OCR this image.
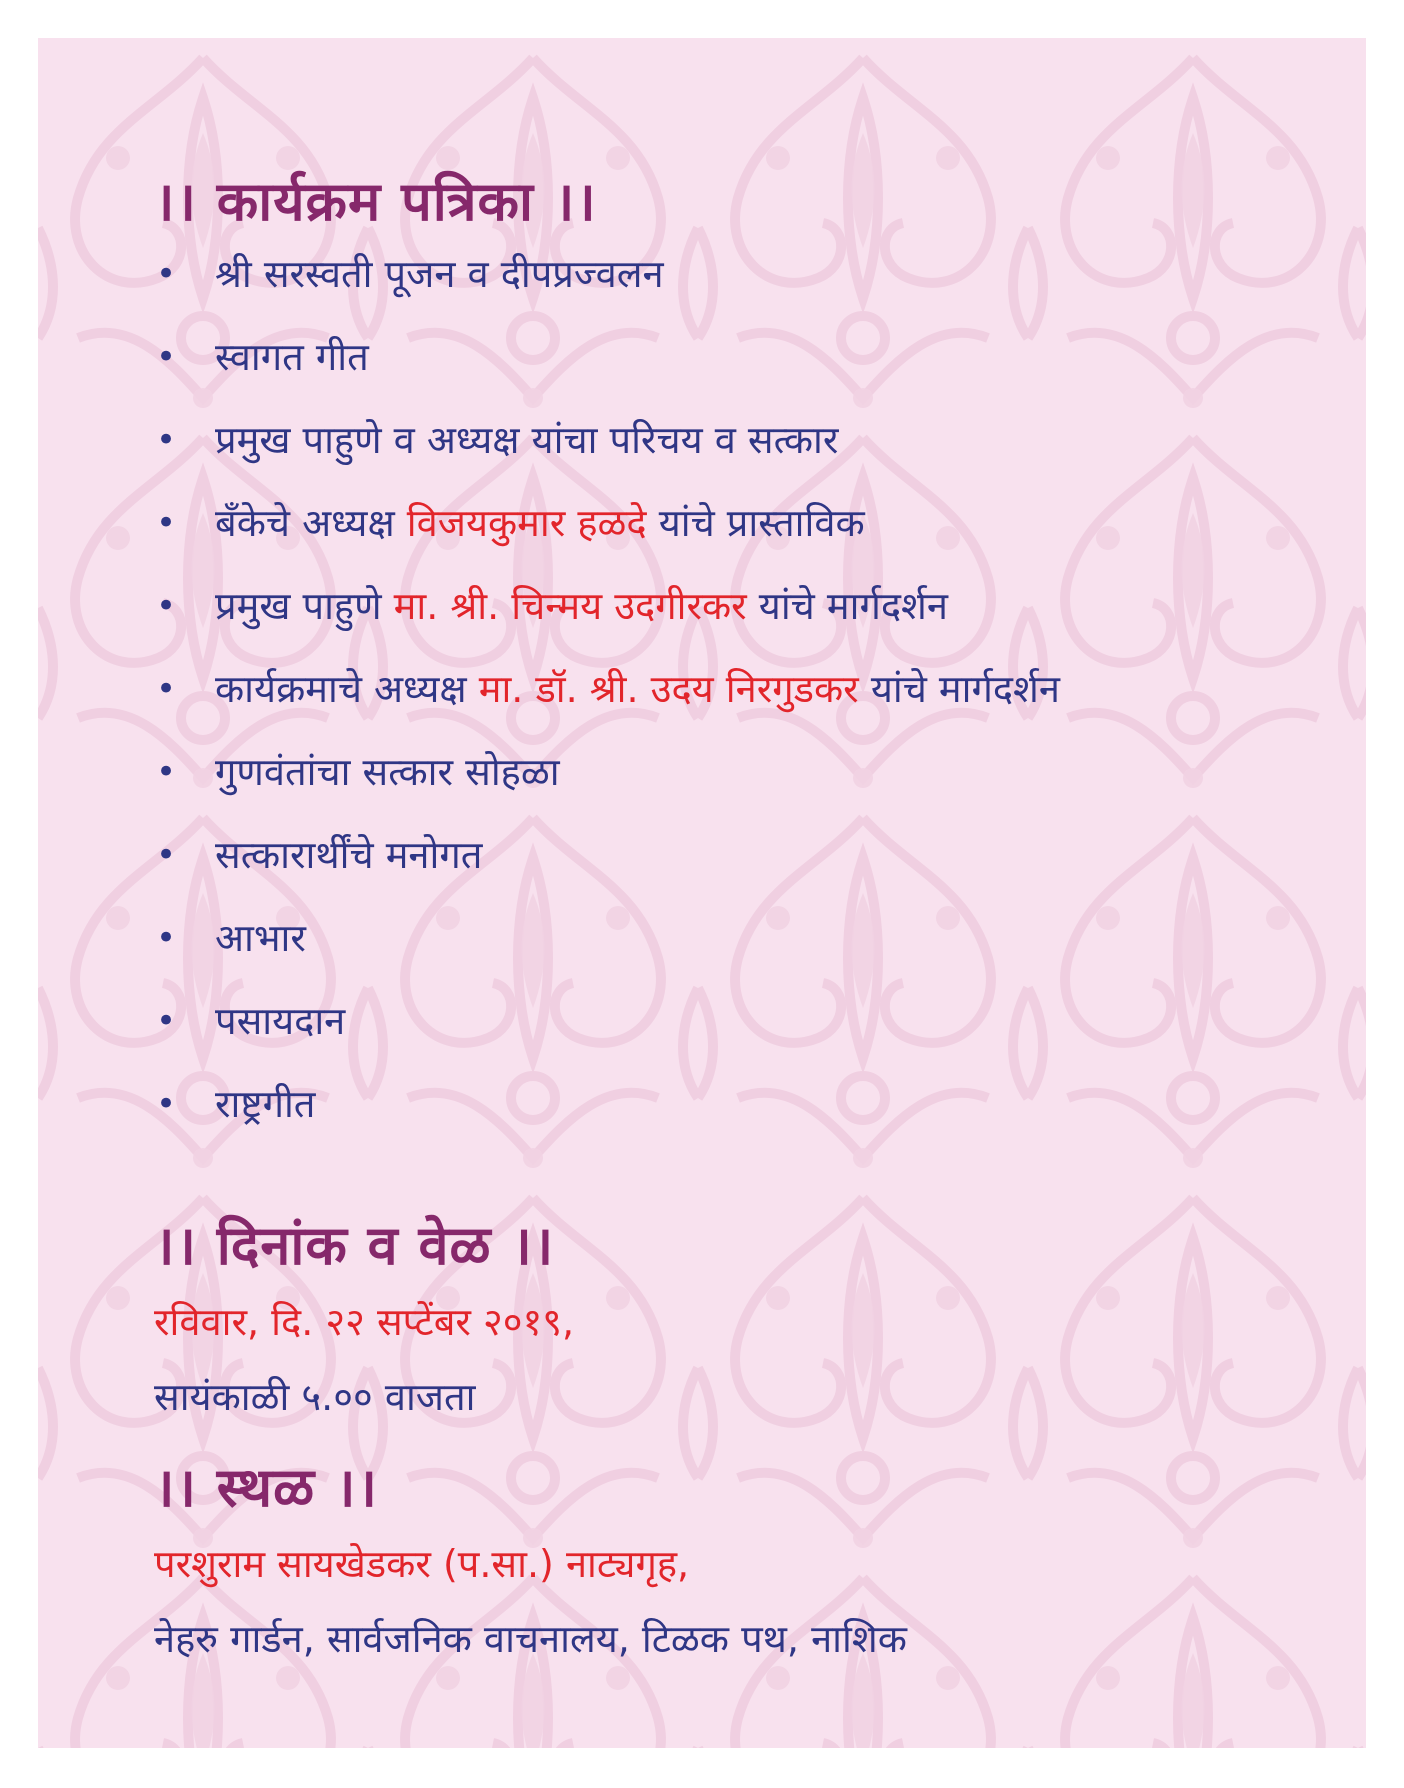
।। कार्यक्रम पत्रिका ।।
• श्री सरस्वती पूजन व दीपप्रज्वलन
• स्वागत गीत
• प्रमुख पाहुणे व अध्यक्ष यांचा परिचय व सत्कार
• बँकेचे अध्यक्ष विजयकुमार हळदे यांचे प्रास्ताविक
• प्रमुख पाहुणे मा. श्री. चिन्मय उदगीरकर यांचे मार्गदर्शन
• कार्यक्रमाचे अध्यक्ष मा. डॉ. श्री. उदय निरगुडकर यांचे मार्गदर्शन
• गुणवंतांचा सत्कार सोहळा
• सत्कारार्थींचे मनोगत
• आभार
• पसायदान
• राष्ट्रगीत
।। दिनांक व वेळ ।।

रविवार, दि. २२ सप्टेंबर २०१९,

सायंकाळी ५.०० वाजता

।। स्थळ ।।

परशुराम सायखेडकर (प.सा.) नाट्यगृह,

नेहरु गार्डन, सार्वजनिक वाचनालय, टिळक पथ, नाशिक
